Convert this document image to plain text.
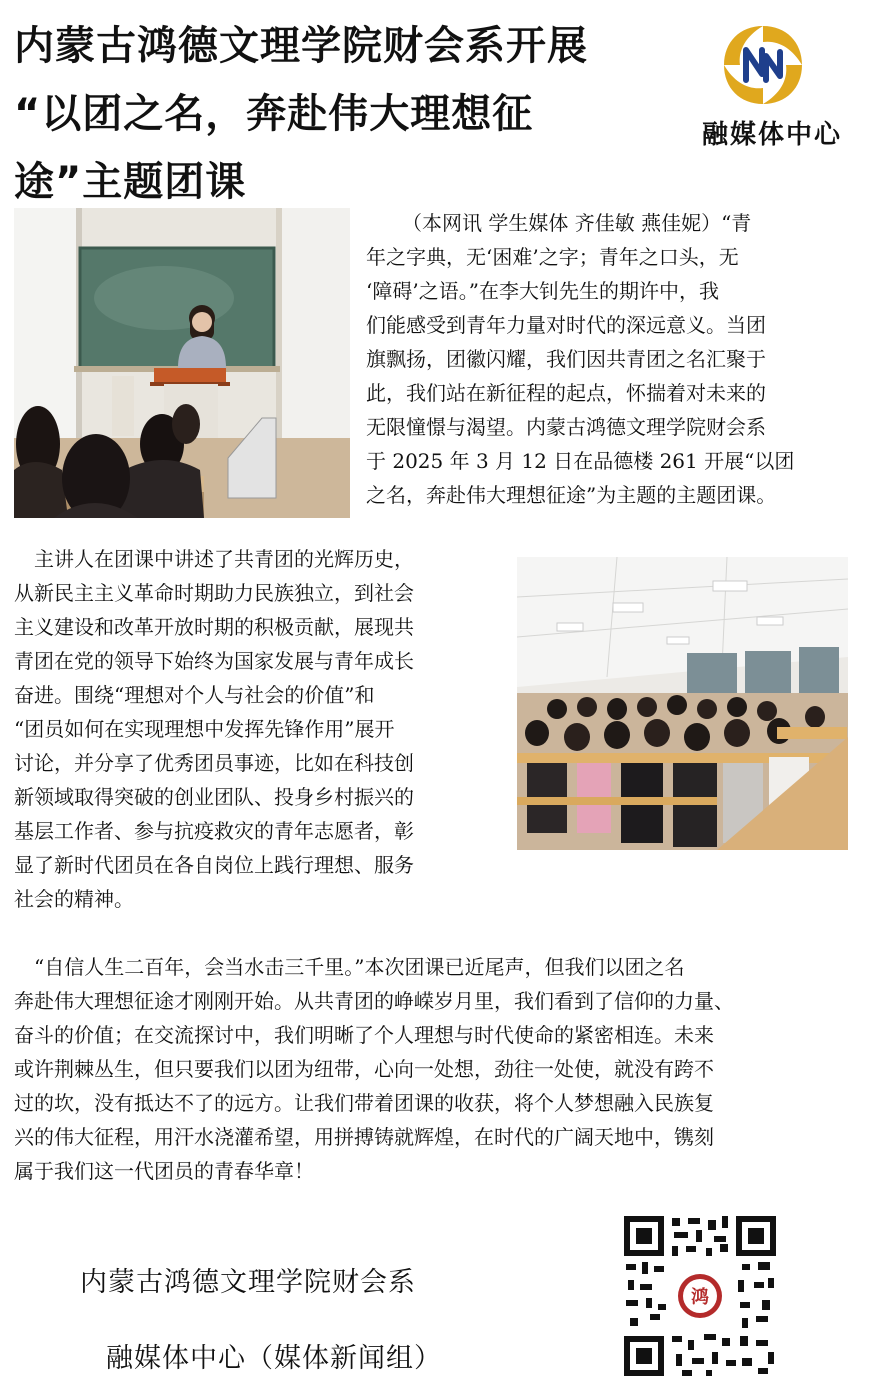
内蒙古鸿德文理学院财会系开展
“以团之名，奔赴伟大理想征
途”主题团课
融媒体中心
（本网讯 学生媒体 齐佳敏 燕佳妮）“青
年之字典，无‘困难’之字；青年之口头，无
‘障碍’之语。”在李大钊先生的期许中，我
们能感受到青年力量对时代的深远意义。当团
旗飘扬，团徽闪耀，我们因共青团之名汇聚于
此，我们站在新征程的起点，怀揣着对未来的
无限憧憬与渴望。内蒙古鸿德文理学院财会系
于 2025 年 3 月 12 日在品德楼 261 开展“以团
之名，奔赴伟大理想征途”为主题的主题团课。
　主讲人在团课中讲述了共青团的光辉历史，
从新民主主义革命时期助力民族独立，到社会
主义建设和改革开放时期的积极贡献，展现共
青团在党的领导下始终为国家发展与青年成长
奋进。围绕“理想对个人与社会的价值”和
“团员如何在实现理想中发挥先锋作用”展开
讨论，并分享了优秀团员事迹，比如在科技创
新领域取得突破的创业团队、投身乡村振兴的
基层工作者、参与抗疫救灾的青年志愿者，彰
显了新时代团员在各自岗位上践行理想、服务
社会的精神。
　“自信人生二百年，会当水击三千里。”本次团课已近尾声，但我们以团之名
奔赴伟大理想征途才刚刚开始。从共青团的峥嵘岁月里，我们看到了信仰的力量、
奋斗的价值；在交流探讨中，我们明晰了个人理想与时代使命的紧密相连。未来
或许荆棘丛生，但只要我们以团为纽带，心向一处想，劲往一处使，就没有跨不
过的坎，没有抵达不了的远方。让我们带着团课的收获，将个人梦想融入民族复
兴的伟大征程，用汗水浇灌希望，用拼搏铸就辉煌，在时代的广阔天地中，镌刻
属于我们这一代团员的青春华章！
内蒙古鸿德文理学院财会系
融媒体中心（媒体新闻组）
鸿
